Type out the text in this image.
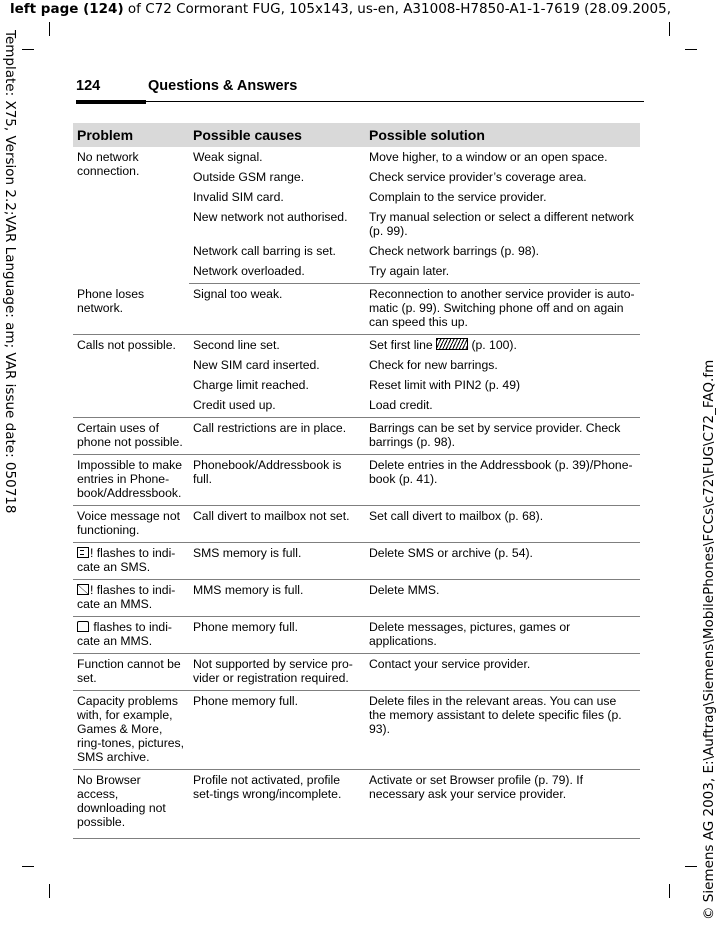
left page (124) of C72 Cormorant FUG, 105x143, us-en, A31008-H7850-A1-1-7619 (28.09.2005,
Template: X75, Version 2.2;VAR Language: am; VAR issue date: 050718
© Siemens AG 2003, E:\Auftrag\Siemens\MobilePhones\FCCs\c72\FUG\C72_FAQ.fm
124	Questions & Answers
Problem	Possible causes	Possible solution
No network connection.	Weak signal.	Move higher, to a window or an open space.
	Outside GSM range.	Check service provider’s coverage area.
	Invalid SIM card.	Complain to the service provider.
	New network not authorised.	Try manual selection or select a different network (p. 99).
	Network call barring is set.	Check network barrings (p. 98).
	Network overloaded.	Try again later.
Phone loses network.	Signal too weak.	Reconnection to another service provider is auto-matic (p. 99). Switching phone off and on again can speed this up.
Calls not possible.	Second line set.	Set first line (p. 100).
	New SIM card inserted.	Check for new barrings.
	Charge limit reached.	Reset limit with PIN2 (p. 49)
	Credit used up.	Load credit.
Certain uses of phone not possible.	Call restrictions are in place.	Barrings can be set by service provider. Check barrings (p. 98).
Impossible to make entries in Phone-book/Addressbook.	Phonebook/Addressbook is full.	Delete entries in the Addressbook (p. 39)/Phone-book (p. 41).
Voice message not functioning.	Call divert to mailbox not set.	Set call divert to mailbox (p. 68).
! flashes to indi-cate an SMS.	SMS memory is full.	Delete SMS or archive (p. 54).
! flashes to indi-cate an MMS.	MMS memory is full.	Delete MMS.
flashes to indi-cate an MMS.	Phone memory full.	Delete messages, pictures, games or applications.
Function cannot be set.	Not supported by service pro-vider or registration required.	Contact your service provider.
Capacity problems with, for example, Games & More, ring-tones, pictures, SMS archive.	Phone memory full.	Delete files in the relevant areas. You can use the memory assistant to delete specific files (p. 93).
No Browser access, downloading not possible.	Profile not activated, profile set-tings wrong/incomplete.	Activate or set Browser profile (p. 79). If necessary ask your service provider.
